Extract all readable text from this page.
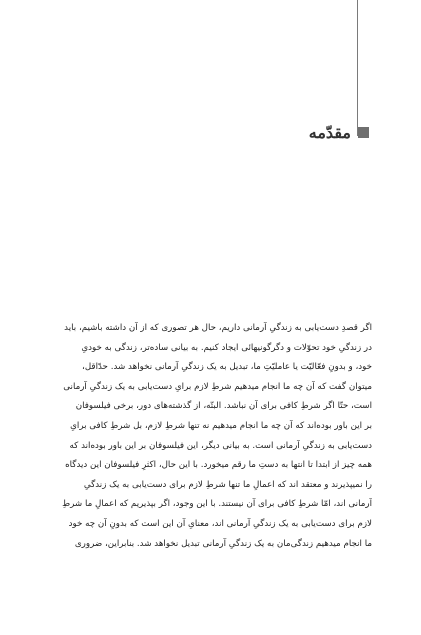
مقدّمه
اگر قصدِ دست‌یابی به زندگیِ آرمانی داریم، حال هر تصوری که از آن داشته باشیم، باید
در زندگیِ خود تحوّلات و دگرگونیهائی ایجاد کنیم. به بیانی ساده‌تر، زندگی به خودیِ
خود، و بدونِ فعّالیّت یا عاملیّتِ ما، تبدیل به یک زندگیِ آرمانی نخواهد شد. حدّاقل،
میتوان گفت که آن چه ما انجام میدهیم شرطِ لازم برایِ دست‌یابی به یک زندگیِ آرمانی
است، حتّا اگر شرطِ کافی برای آن نباشد. البتّه، از گذشته‌های دور، برخی فیلسوفان
بر این باور بوده‌اند که آن چه ما انجام میدهیم نه تنها شرطِ لازم، بل شرطِ کافی برایِ
دست‌یابی به زندگیِ آرمانی است. به بیانی دیگر، این فیلسوفان بر این باور بوده‌اند که
همه چیز از ابتدا تا انتها به دستِ ما رقم میخورد. با این حال، اکثرِ فیلسوفان این دیدگاه
را نمیپذیرند و معتقد اند که اعمالِ ما تنها شرطِ لازم برای دست‌یابی به یک زندگیِ
آرمانی اند، امّا شرطِ کافی برای آن نیستند. با این وجود، اگر بپذیریم که اعمالِ ما شرطِ
لازم برای دست‌یابی به یک زندگیِ آرمانی اند، معنایِ آن این است که بدونِ آن چه خود
ما انجام میدهیم زندگی‌مان به یک زندگیِ آرمانی تبدیل نخواهد شد. بنابراین، ضروری
